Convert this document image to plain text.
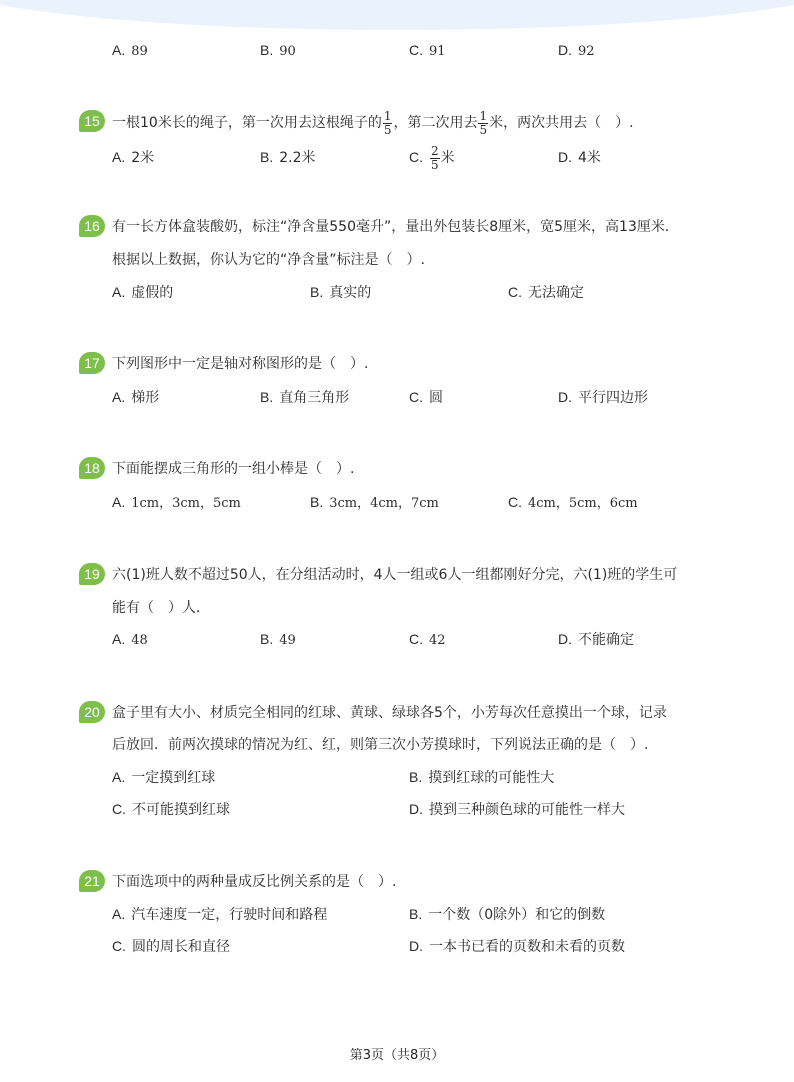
A. 89	B. 90	C. 91	D. 92
15 一根10米长的绳子，第一次用去这根绳子的 $\frac{1}{5}$ ，第二次用去 $\frac{1}{5}$ 米，两次共用去（　）.
A. 2米	B. 2.2米	C. $\frac{2}{5}$ 米	D. 4米
16 有一长方体盒装酸奶，标注“净含量550毫升”，量出外包装长8厘米，宽5厘米，高13厘米．
根据以上数据，你认为它的“净含量”标注是（　）.
A. 虚假的	B. 真实的	C. 无法确定
17 下列图形中一定是轴对称图形的是（　）.
A. 梯形	B. 直角三角形	C. 圆	D. 平行四边形
18 下面能摆成三角形的一组小棒是（　）.
A. 1cm，3cm，5cm	B. 3cm，4cm，7cm	C. 4cm，5cm，6cm
19 六(1)班人数不超过50人，在分组活动时，4人一组或6人一组都刚好分完，六(1)班的学生可
能有（　）人．
A. 48	B. 49	C. 42	D. 不能确定
20 盒子里有大小、材质完全相同的红球、黄球、绿球各5个，小芳每次任意摸出一个球，记录
后放回．前两次摸球的情况为红、红，则第三次小芳摸球时，下列说法正确的是（　）.
A. 一定摸到红球	B. 摸到红球的可能性大
C. 不可能摸到红球	D. 摸到三种颜色球的可能性一样大
21 下面选项中的两种量成反比例关系的是（　）.
A. 汽车速度一定，行驶时间和路程	B. 一个数（0除外）和它的倒数
C. 圆的周长和直径	D. 一本书已看的页数和未看的页数
第3页（共8页）
